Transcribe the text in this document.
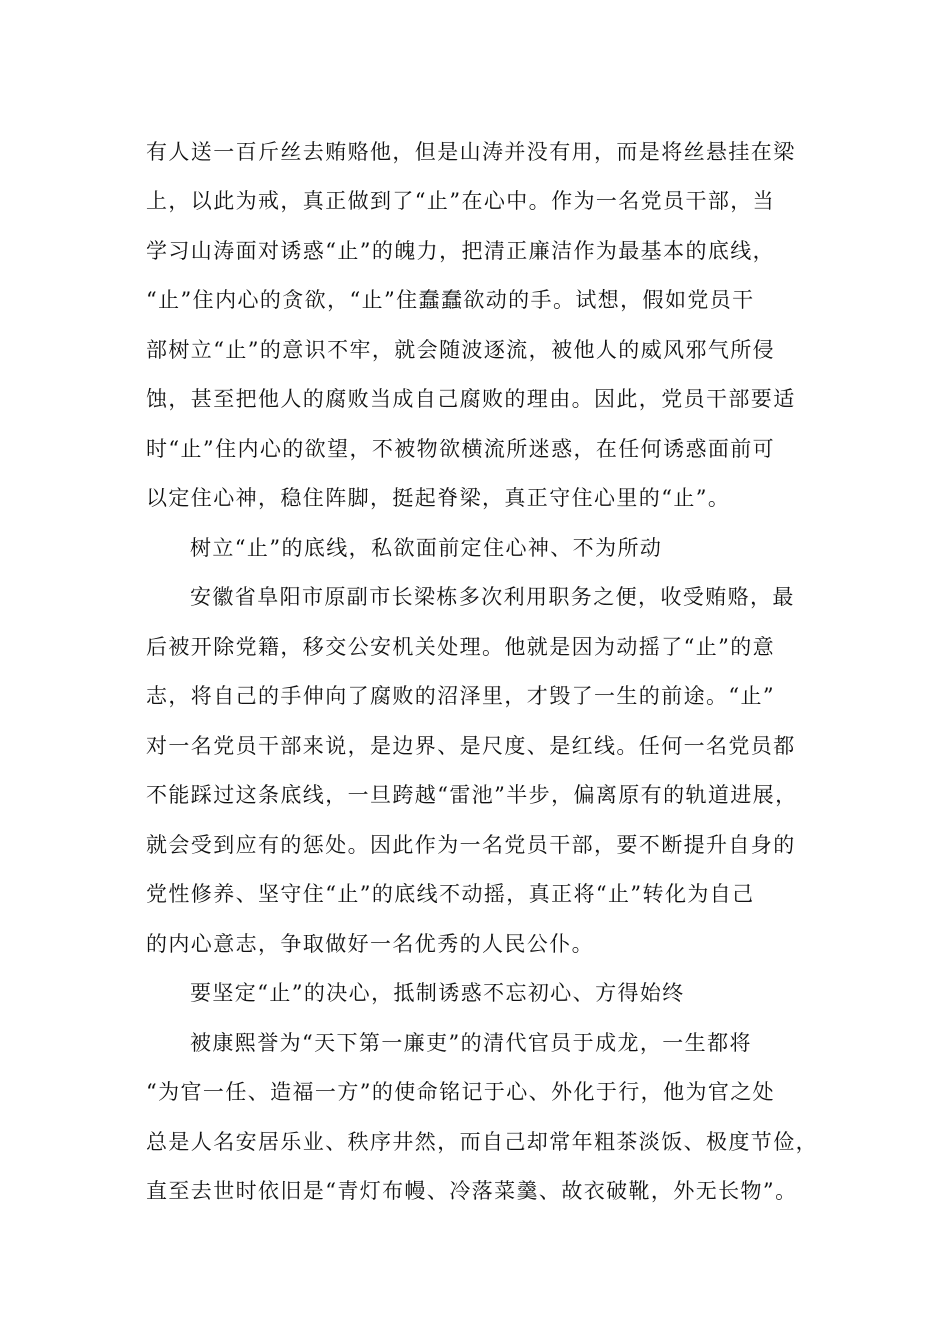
有人送一百斤丝去贿赂他，但是山涛并没有用，而是将丝悬挂在梁
上，以此为戒，真正做到了“止”在心中。作为一名党员干部，当
学习山涛面对诱惑“止”的魄力，把清正廉洁作为最基本的底线，
“止”住内心的贪欲，“止”住蠢蠢欲动的手。试想，假如党员干
部树立“止”的意识不牢，就会随波逐流，被他人的威风邪气所侵
蚀，甚至把他人的腐败当成自己腐败的理由。因此，党员干部要适
时“止”住内心的欲望，不被物欲横流所迷惑，在任何诱惑面前可
以定住心神，稳住阵脚，挺起脊梁，真正守住心里的“止”。
树立“止”的底线，私欲面前定住心神、不为所动
安徽省阜阳市原副市长梁栋多次利用职务之便，收受贿赂，最
后被开除党籍，移交公安机关处理。他就是因为动摇了“止”的意
志，将自己的手伸向了腐败的沼泽里，才毁了一生的前途。“止”
对一名党员干部来说，是边界、是尺度、是红线。任何一名党员都
不能踩过这条底线，一旦跨越“雷池”半步，偏离原有的轨道进展，
就会受到应有的惩处。因此作为一名党员干部，要不断提升自身的
党性修养、坚守住“止”的底线不动摇，真正将“止”转化为自己
的内心意志，争取做好一名优秀的人民公仆。
要坚定“止”的决心，抵制诱惑不忘初心、方得始终
被康熙誉为“天下第一廉吏”的清代官员于成龙，一生都将
“为官一任、造福一方”的使命铭记于心、外化于行，他为官之处
总是人名安居乐业、秩序井然，而自己却常年粗茶淡饭、极度节俭，
直至去世时依旧是“青灯布幔、冷落菜羹、故衣破靴，外无长物”。
